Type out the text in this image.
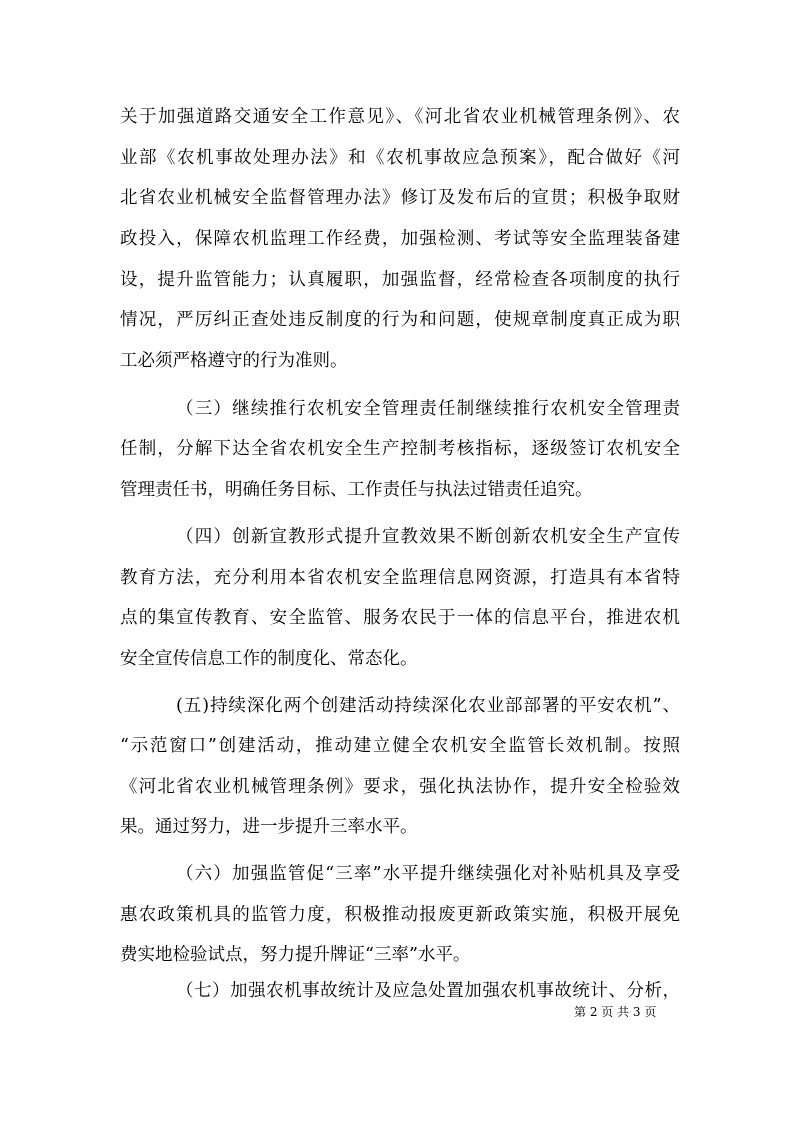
关于加强道路交通安全工作意见》、《河北省农业机械管理条例》、农
业部《农机事故处理办法》和《农机事故应急预案》，配合做好《河
北省农业机械安全监督管理办法》修订及发布后的宣贯；积极争取财
政投入，保障农机监理工作经费，加强检测、考试等安全监理装备建
设，提升监管能力；认真履职，加强监督，经常检查各项制度的执行
情况，严厉纠正查处违反制度的行为和问题，使规章制度真正成为职
工必须严格遵守的行为准则。
（三）继续推行农机安全管理责任制继续推行农机安全管理责
任制，分解下达全省农机安全生产控制考核指标，逐级签订农机安全
管理责任书，明确任务目标、工作责任与执法过错责任追究。
（四）创新宣教形式提升宣教效果不断创新农机安全生产宣传
教育方法，充分利用本省农机安全监理信息网资源，打造具有本省特
点的集宣传教育、安全监管、服务农民于一体的信息平台，推进农机
安全宣传信息工作的制度化、常态化。
(五)持续深化两个创建活动持续深化农业部部署的平安农机”、
“示范窗口”创建活动，推动建立健全农机安全监管长效机制。按照
《河北省农业机械管理条例》要求，强化执法协作，提升安全检验效
果。通过努力，进一步提升三率水平。
（六）加强监管促“三率”水平提升继续强化对补贴机具及享受
惠农政策机具的监管力度，积极推动报废更新政策实施，积极开展免
费实地检验试点，努力提升牌证“三率”水平。
（七）加强农机事故统计及应急处置加强农机事故统计、分析，
第 2 页 共 3 页
